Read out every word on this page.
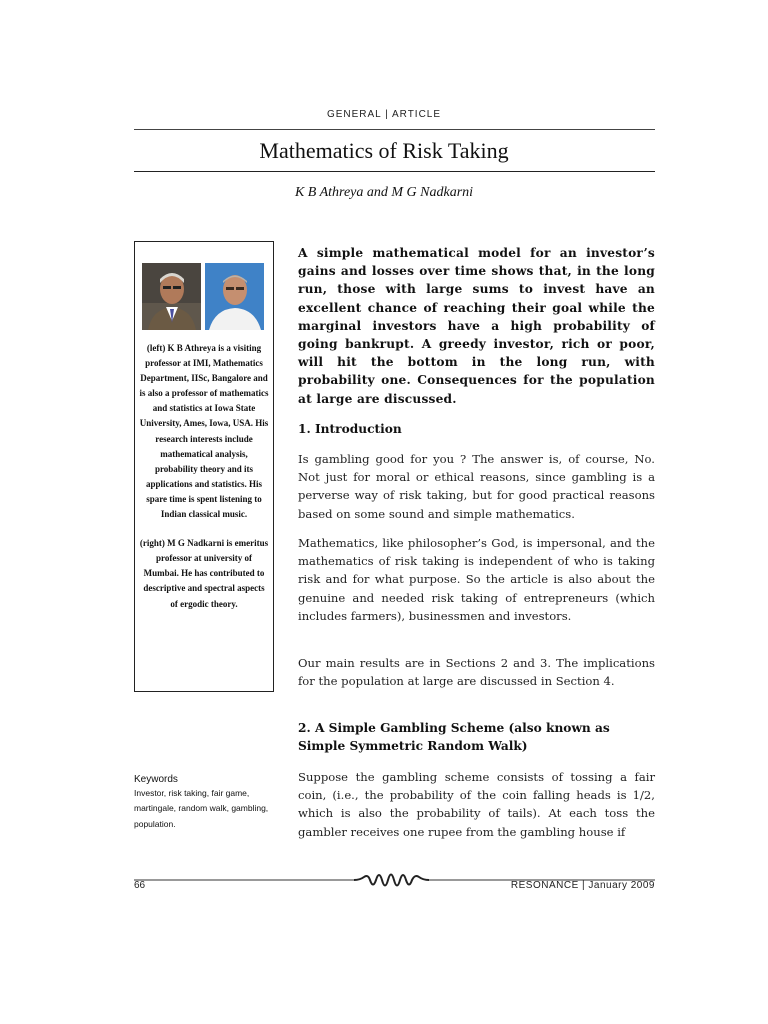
GENERAL | ARTICLE
Mathematics of Risk Taking
K B Athreya and M G Nadkarni

(left) K B Athreya is a visiting professor at IMI, Mathematics Department, IISc, Bangalore and is also a professor of mathematics and statistics at Iowa State University, Ames, Iowa, USA. His research interests include mathematical analysis, probability theory and its applications and statistics. His spare time is spent listening to Indian classical music.

(right) M G Nadkarni is emeritus professor at university of Mumbai. He has contributed to descriptive and spectral aspects of ergodic theory.

A simple mathematical model for an investor’s gains and losses over time shows that, in the long run, those with large sums to invest have an excellent chance of reaching their goal while the marginal investors have a high probability of going bankrupt. A greedy investor, rich or poor, will hit the bottom in the long run, with probability one. Consequences for the population at large are discussed.
1. Introduction

Is gambling good for you ? The answer is, of course, No. Not just for moral or ethical reasons, since gambling is a perverse way of risk taking, but for good practical reasons based on some sound and simple mathematics.

Mathematics, like philosopher’s God, is impersonal, and the mathematics of risk taking is independent of who is taking risk and for what purpose. So the article is also about the genuine and needed risk taking of entrepreneurs (which includes farmers), businessmen and investors.

Our main results are in Sections 2 and 3. The implications for the population at large are discussed in Section 4.

2. A Simple Gambling Scheme (also known as Simple Symmetric Random Walk)

Suppose the gambling scheme consists of tossing a fair coin, (i.e., the probability of the coin falling heads is 1/2, which is also the probability of tails). At each toss the gambler receives one rupee from the gambling house if

Keywords
Investor, risk taking, fair game, martingale, random walk, gambling, population.
66	RESONANCE | January 2009
